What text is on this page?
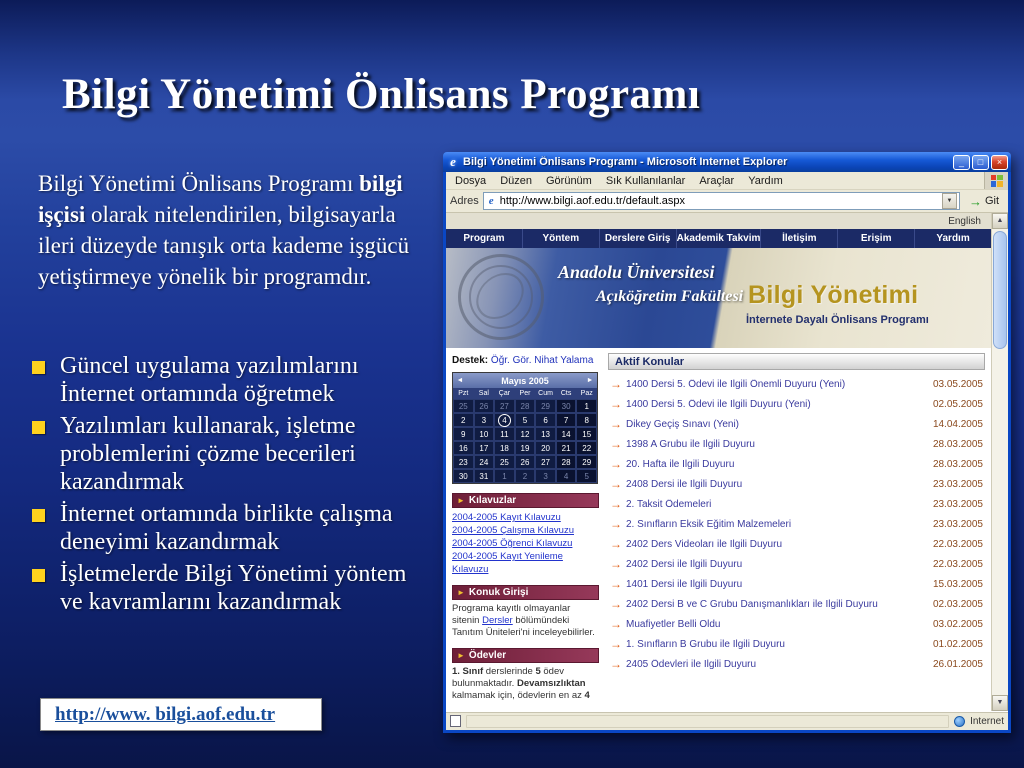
Bilgi Yönetimi Önlisans Programı
Bilgi Yönetimi Önlisans Programı bilgi işçisi olarak nitelendirilen, bilgisayarla ileri düzeyde tanışık orta kademe işgücü yetiştirmeye yönelik bir programdır.
Güncel uygulama yazılımlarını İnternet ortamında öğretmek
Yazılımları kullanarak, işletme problemlerini çözme becerileri kazandırmak
İnternet ortamında birlikte çalışma deneyimi kazandırmak
İşletmelerde Bilgi Yönetimi yöntem ve kavramlarını kazandırmak
http://www. bilgi.aof.edu.tr
e Bilgi Yönetimi Önlisans Programı - Microsoft Internet Explorer	_	□	×
Dosya	Düzen	Görünüm	Sık Kullanılanlar	Araçlar	Yardım
Adres e http://www.bilgi.aof.edu.tr/default.aspx	▼	→ Git
English
Program	Yöntem	Derslere Giriş Akademik Takvim	İletişim	Erişim	Yardım
Anadolu Üniversitesi
Açıköğretim Fakültesi Bilgi Yönetimi
İnternete Dayalı Önlisans Programı
Destek: Öğr. Gör. Nihat Yalama
◄	Mayıs 2005	►
Pzt	Sal	Çar	Per	Cum	Cts	Paz
25	26	27	28	29	30	1
2	3	4	5	6	7	8
9	10	11	12	13	14	15
16	17	18	19	20	21	22
23	24	25	26	27	28	29
30	31	1	2	3	4	5
► Kılavuzlar
2004-2005 Kayıt Kılavuzu
2004-2005 Çalışma Kılavuzu
2004-2005 Öğrenci Kılavuzu
2004-2005 Kayıt Yenileme Kılavuzu
► Konuk Girişi
Programa kayıtlı olmayanlar sitenin Dersler bölümündeki Tanıtım Üniteleri'ni inceleyebilirler.
► Ödevler
1. Sınıf derslerinde 5 ödev bulunmaktadır. Devamsızlıktan kalmamak için, ödevlerin en az 4
Aktif Konular
→ 1400 Dersi 5. Ödevi ile İlgili Önemli Duyuru (Yeni)	03.05.2005
→ 1400 Dersi 5. Ödevi ile İlgili Duyuru (Yeni)	02.05.2005
→ Dikey Geçiş Sınavı (Yeni)	14.04.2005
→ 1398 A Grubu ile İlgili Duyuru	28.03.2005
→ 20. Hafta ile İlgili Duyuru	28.03.2005
→ 2408 Dersi ile İlgili Duyuru	23.03.2005
→ 2. Taksit Ödemeleri	23.03.2005
→ 2. Sınıfların Eksik Eğitim Malzemeleri	23.03.2005
→ 2402 Ders Videoları ile İlgili Duyuru	22.03.2005
→ 2402 Dersi ile İlgili Duyuru	22.03.2005
→ 1401 Dersi ile İlgili Duyuru	15.03.2005
→ 2402 Dersi B ve C Grubu Danışmanlıkları ile İlgili Duyuru	02.03.2005
→ Muafiyetler Belli Oldu	03.02.2005
→ 1. Sınıfların B Grubu ile İlgili Duyuru	01.02.2005
→ 2405 Ödevleri ile İlgili Duyuru	26.01.2005
▲
▼
Internet
